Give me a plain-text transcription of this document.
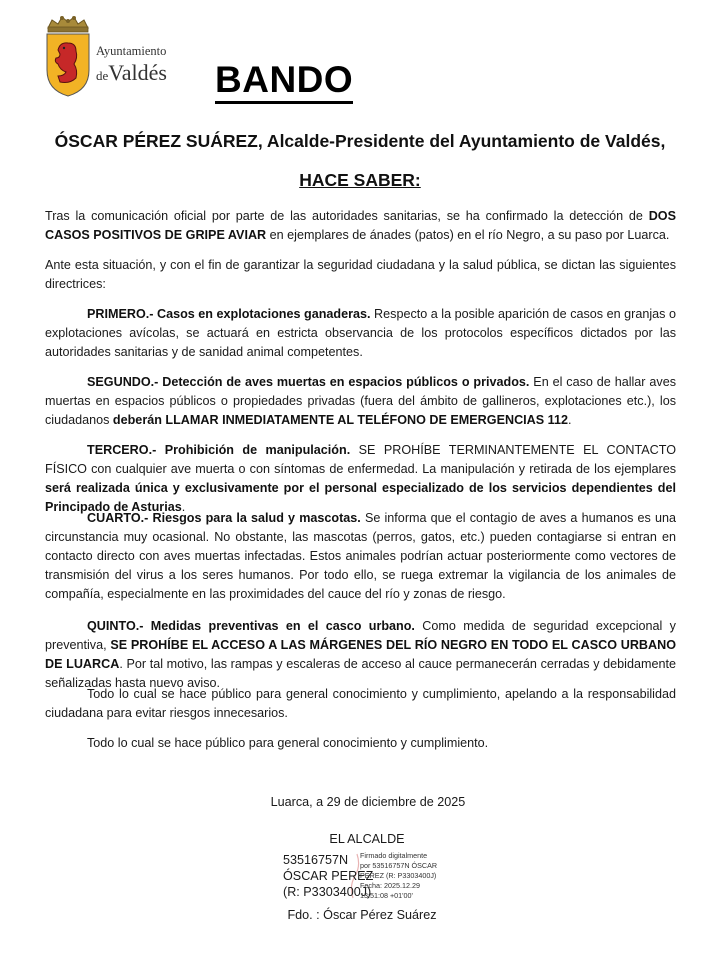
Ayuntamiento
deValdés BANDO
ÓSCAR PÉREZ SUÁREZ, Alcalde-Presidente del Ayuntamiento de Valdés,
HACE SABER:
Tras la comunicación oficial por parte de las autoridades sanitarias, se ha confirmado la detección de DOS CASOS POSITIVOS DE GRIPE AVIAR en ejemplares de ánades (patos) en el río Negro, a su paso por Luarca.
Ante esta situación, y con el fin de garantizar la seguridad ciudadana y la salud pública, se dictan las siguientes directrices:
PRIMERO.- Casos en explotaciones ganaderas. Respecto a la posible aparición de casos en granjas o explotaciones avícolas, se actuará en estricta observancia de los protocolos específicos dictados por las autoridades sanitarias y de sanidad animal competentes.
SEGUNDO.- Detección de aves muertas en espacios públicos o privados. En el caso de hallar aves muertas en espacios públicos o propiedades privadas (fuera del ámbito de gallineros, explotaciones etc.), los ciudadanos deberán LLAMAR INMEDIATAMENTE AL TELÉFONO DE EMERGENCIAS 112.
TERCERO.- Prohibición de manipulación. SE PROHÍBE TERMINANTEMENTE EL CONTACTO FÍSICO con cualquier ave muerta o con síntomas de enfermedad. La manipulación y retirada de los ejemplares será realizada única y exclusivamente por el personal especializado de los servicios dependientes del Principado de Asturias.
CUARTO.- Riesgos para la salud y mascotas. Se informa que el contagio de aves a humanos es una circunstancia muy ocasional. No obstante, las mascotas (perros, gatos, etc.) pueden contagiarse si entran en contacto directo con aves muertas infectadas. Estos animales podrían actuar posteriormente como vectores de transmisión del virus a los seres humanos. Por todo ello, se ruega extremar la vigilancia de los animales de compañía, especialmente en las proximidades del cauce del río y zonas de riesgo.
QUINTO.- Medidas preventivas en el casco urbano. Como medida de seguridad excepcional y preventiva, SE PROHÍBE EL ACCESO A LAS MÁRGENES DEL RÍO NEGRO EN TODO EL CASCO URBANO DE LUARCA. Por tal motivo, las rampas y escaleras de acceso al cauce permanecerán cerradas y debidamente señalizadas hasta nuevo aviso.
Todo lo cual se hace público para general conocimiento y cumplimiento, apelando a la responsabilidad ciudadana para evitar riesgos innecesarios.
Todo lo cual se hace público para general conocimiento y cumplimiento.
Luarca, a 29 de diciembre de 2025
EL ALCALDE
53516757N
ÓSCAR PEREZ
(R: P3303400J)
Firmado digitalmente
por 53516757N ÓSCAR
PEREZ (R: P3303400J)
Fecha: 2025.12.29
13:51:08 +01'00'
Fdo. : Óscar Pérez Suárez
